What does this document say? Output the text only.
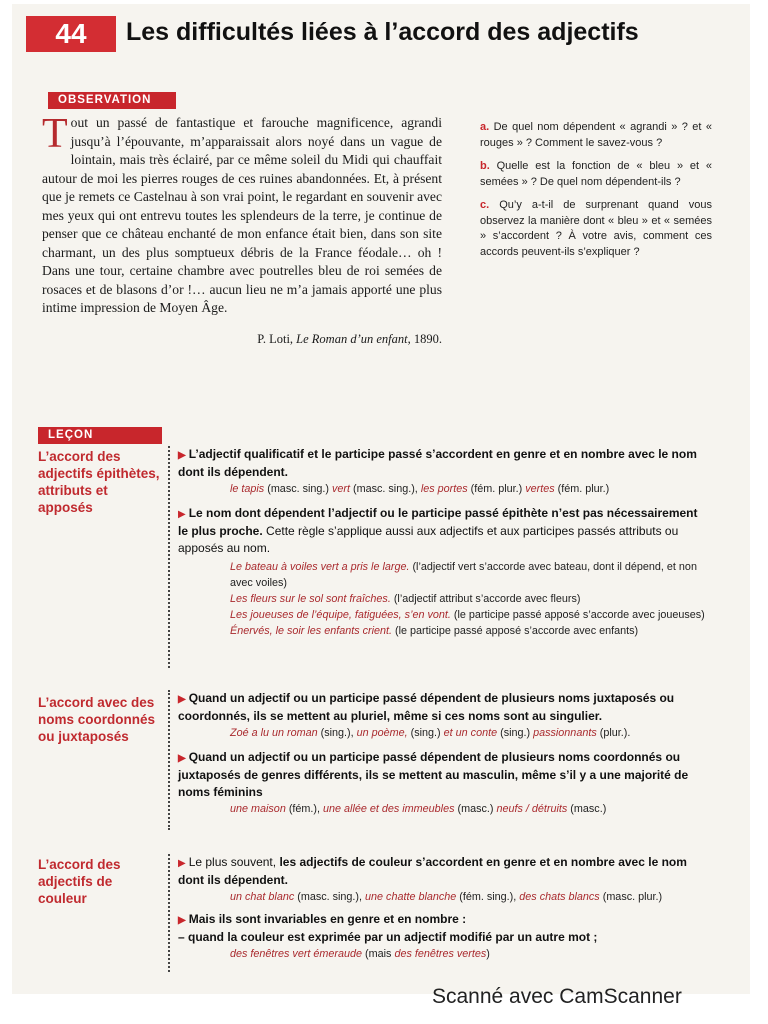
44	Les difficultés liées à l’accord des adjectifs
OBSERVATION
Tout un passé de fantastique et farouche magnificence, agrandi jusqu’à l’épouvante, m’apparaissait alors noyé dans un vague de lointain, mais très éclairé, par ce même soleil du Midi qui chauffait autour de moi les pierres rouges de ces ruines abandonnées. Et, à présent que je remets ce Castelnau à son vrai point, le regardant en souvenir avec mes yeux qui ont entrevu toutes les splendeurs de la terre, je continue de penser que ce château enchanté de mon enfance était bien, dans son site charmant, un des plus somptueux débris de la France féodale… oh ! Dans une tour, certaine chambre avec poutrelles bleu de roi semées de rosaces et de blasons d’or !… aucun lieu ne m’a jamais apporté une plus intime impression de Moyen Âge.
P. Loti, Le Roman d’un enfant, 1890.
a. De quel nom dépendent « agrandi » ? et « rouges » ? Comment le savez-vous ?
b. Quelle est la fonction de « bleu » et « semées » ? De quel nom dépendent-ils ?
c. Qu’y a-t-il de surprenant quand vous observez la manière dont « bleu » et « semées » s’accordent ? À votre avis, comment ces accords peuvent-ils s’expliquer ?
LEÇON
L’accord des adjectifs épithètes, attributs et apposés
▶ L’adjectif qualificatif et le participe passé s’accordent en genre et en nombre avec le nom dont ils dépendent.
le tapis (masc. sing.) vert (masc. sing.), les portes (fém. plur.) vertes (fém. plur.)
▶ Le nom dont dépendent l’adjectif ou le participe passé épithète n’est pas nécessairement le plus proche. Cette règle s’applique aussi aux adjectifs et aux participes passés attributs ou apposés au nom.
Le bateau à voiles vert a pris le large. (l’adjectif vert s’accorde avec bateau, dont il dépend, et non avec voiles)
Les fleurs sur le sol sont fraîches. (l’adjectif attribut s’accorde avec fleurs)
Les joueuses de l’équipe, fatiguées, s’en vont. (le participe passé apposé s’accorde avec joueuses)
Énervés, le soir les enfants crient. (le participe passé apposé s’accorde avec enfants)
L’accord avec des noms coordonnés ou juxtaposés
▶ Quand un adjectif ou un participe passé dépendent de plusieurs noms juxtaposés ou coordonnés, ils se mettent au pluriel, même si ces noms sont au singulier.
Zoé a lu un roman (sing.), un poème, (sing.) et un conte (sing.) passionnants (plur.).
▶ Quand un adjectif ou un participe passé dépendent de plusieurs noms coordonnés ou juxtaposés de genres différents, ils se mettent au masculin, même s’il y a une majorité de noms féminins
une maison (fém.), une allée et des immeubles (masc.) neufs / détruits (masc.)
L’accord des adjectifs de couleur
▶ Le plus souvent, les adjectifs de couleur s’accordent en genre et en nombre avec le nom dont ils dépendent.
un chat blanc (masc. sing.), une chatte blanche (fém. sing.), des chats blancs (masc. plur.)
▶ Mais ils sont invariables en genre et en nombre :
– quand la couleur est exprimée par un adjectif modifié par un autre mot ;
des fenêtres vert émeraude (mais des fenêtres vertes)
Scanné avec CamScanner
